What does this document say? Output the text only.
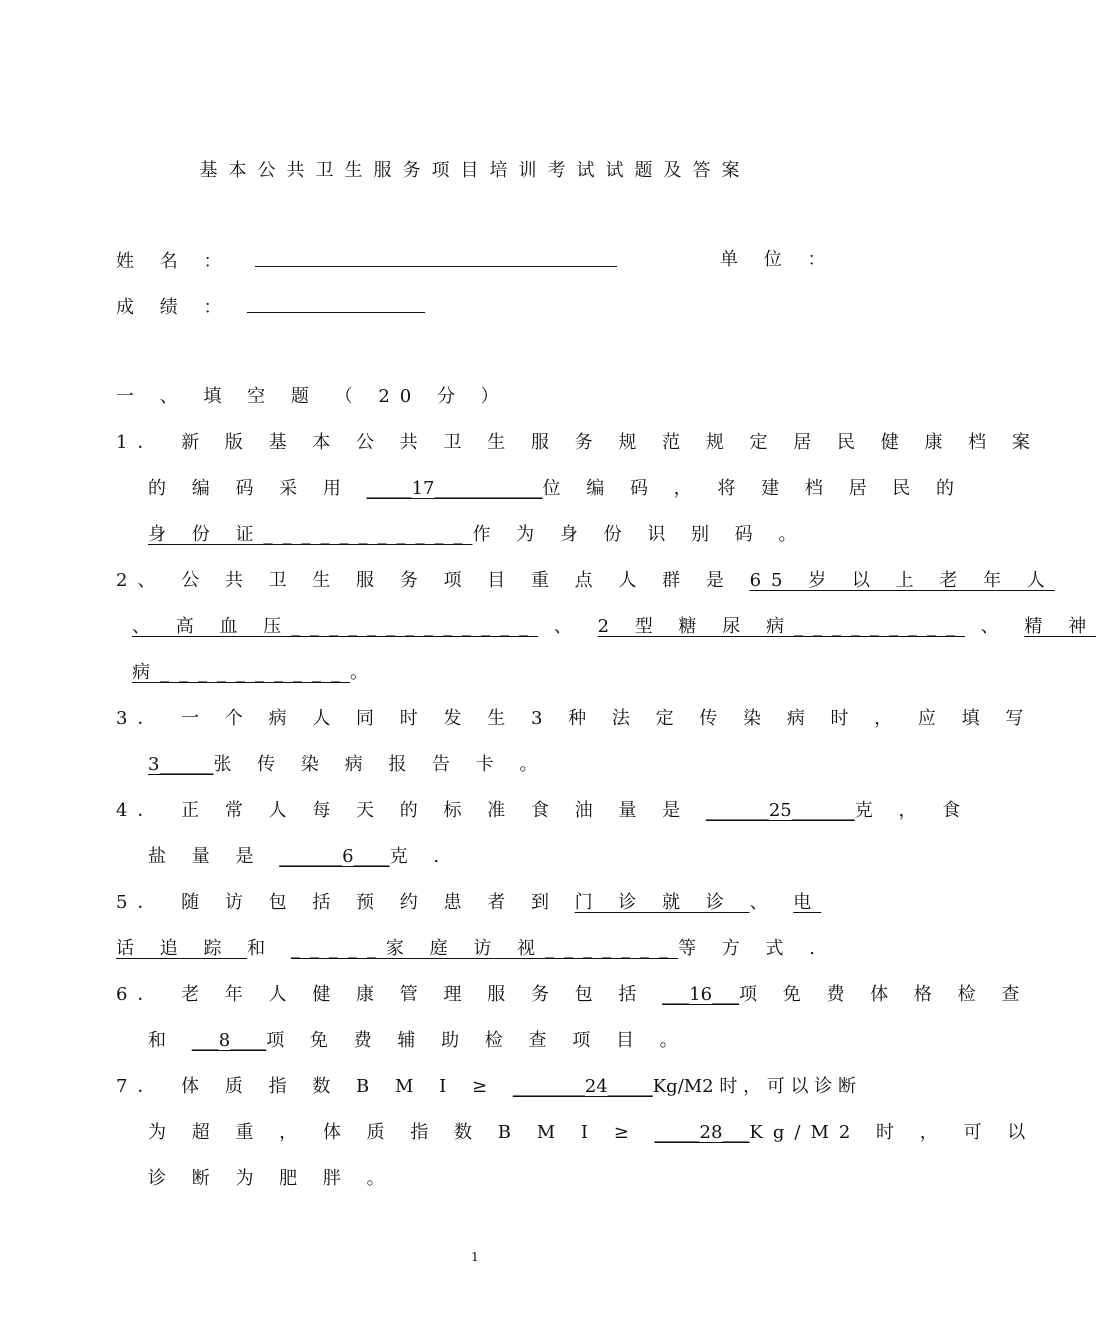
基本公共卫生服务项目培训考试试题及答案
姓 名 ：	单 位 ：
成 绩 ：
一 、 填 空 题 （ 20 分 ）
1． 新 版 基 本 公 共 卫 生 服 务 规 范 规 定 居 民 健 康 档 案
的 编 码 采 用 _____17____________位 编 码 ， 将 建 档 居 民 的
身 份 证___________作 为 身 份 识 别 码 。
2、 公 共 卫 生 服 务 项 目 重 点 人 群 是 65 岁 以 上 老 年 人
、 高 血 压_____________ 、 2 型 糖 尿 病_________ 、 精 神
病__________。
3． 一 个 病 人 同 时 发 生 3 种 法 定 传 染 病 时 ， 应 填 写
3______张 传 染 病 报 告 卡 。
4． 正 常 人 每 天 的 标 准 食 油 量 是 _______25_______克 ， 食
盐 量 是 _______6____克 .
5． 随 访 包 括 预 约 患 者 到 门 诊 就 诊 、 电
话 追 踪 和 _____家 庭 访 视_______等 方 式 .
6． 老 年 人 健 康 管 理 服 务 包 括 ___16___项 免 费 体 格 检 查
和 ___8____项 免 费 辅 助 检 查 项 目 。
7． 体 质 指 数 B M I ≥ ________24_____Kg/M2 时 ， 可 以 诊 断
为 超 重 ， 体 质 指 数 B M I ≥ _____28___Kg/M2 时 ， 可 以
诊 断 为 肥 胖 。
1
